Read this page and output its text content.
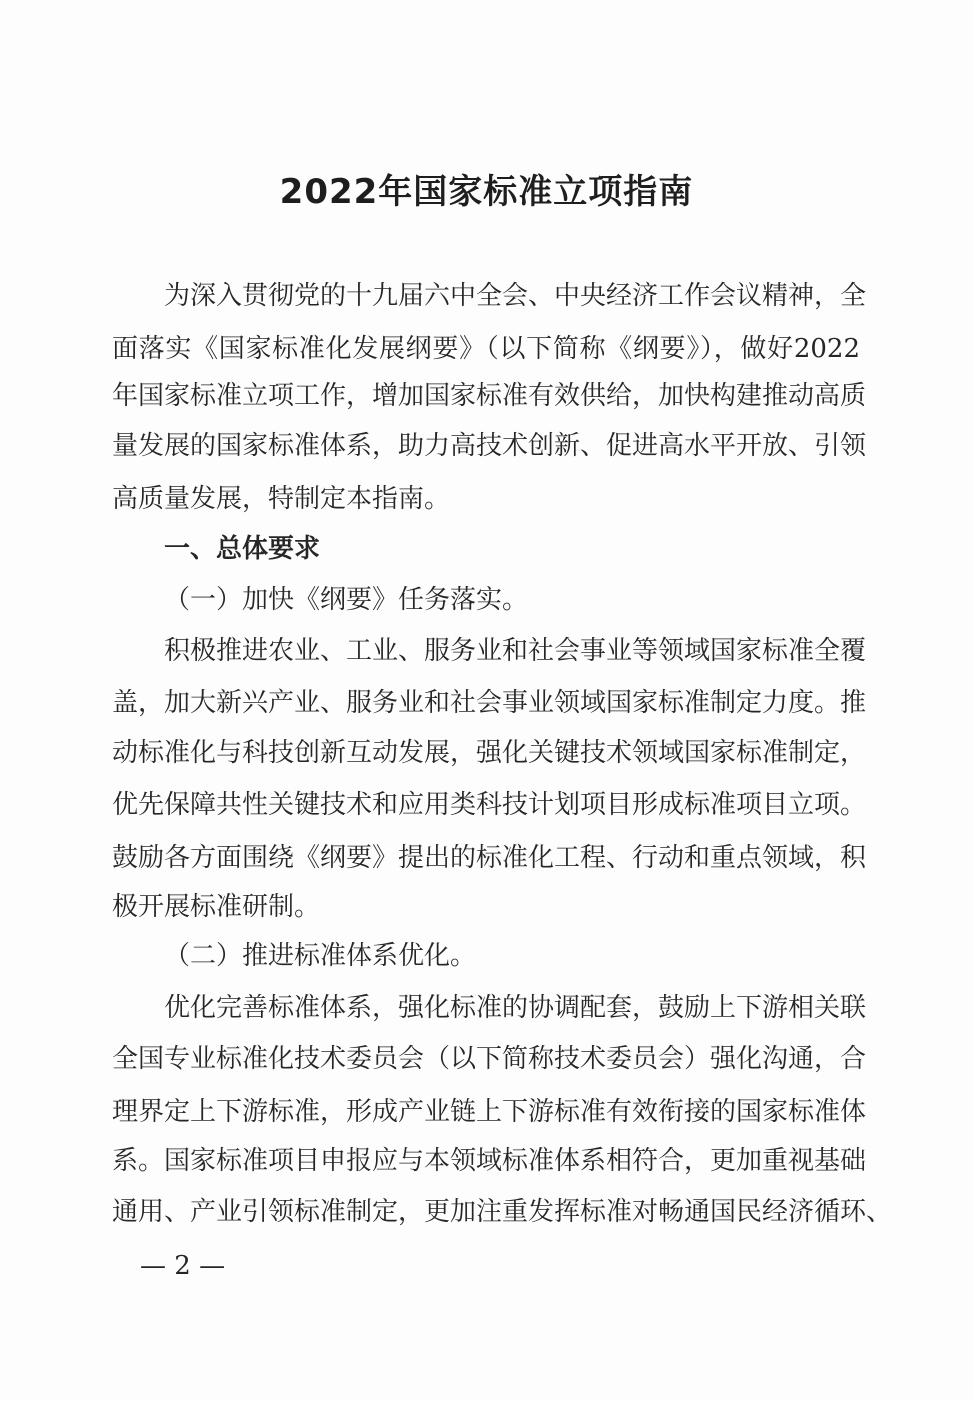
2022年国家标准立项指南
为深入贯彻党的十九届六中全会、中央经济工作会议精神，全
面落实《国家标准化发展纲要》（以下简称《纲要》），做好2022
年国家标准立项工作，增加国家标准有效供给，加快构建推动高质
量发展的国家标准体系，助力高技术创新、促进高水平开放、引领
高质量发展，特制定本指南。
一、总体要求
（一）加快《纲要》任务落实。
积极推进农业、工业、服务业和社会事业等领域国家标准全覆
盖，加大新兴产业、服务业和社会事业领域国家标准制定力度。推
动标准化与科技创新互动发展，强化关键技术领域国家标准制定，
优先保障共性关键技术和应用类科技计划项目形成标准项目立项。
鼓励各方面围绕《纲要》提出的标准化工程、行动和重点领域，积
极开展标准研制。
（二）推进标准体系优化。
优化完善标准体系，强化标准的协调配套，鼓励上下游相关联
全国专业标准化技术委员会（以下简称技术委员会）强化沟通，合
理界定上下游标准，形成产业链上下游标准有效衔接的国家标准体
系。国家标准项目申报应与本领域标准体系相符合，更加重视基础
通用、产业引领标准制定，更加注重发挥标准对畅通国民经济循环、
— 2 —
